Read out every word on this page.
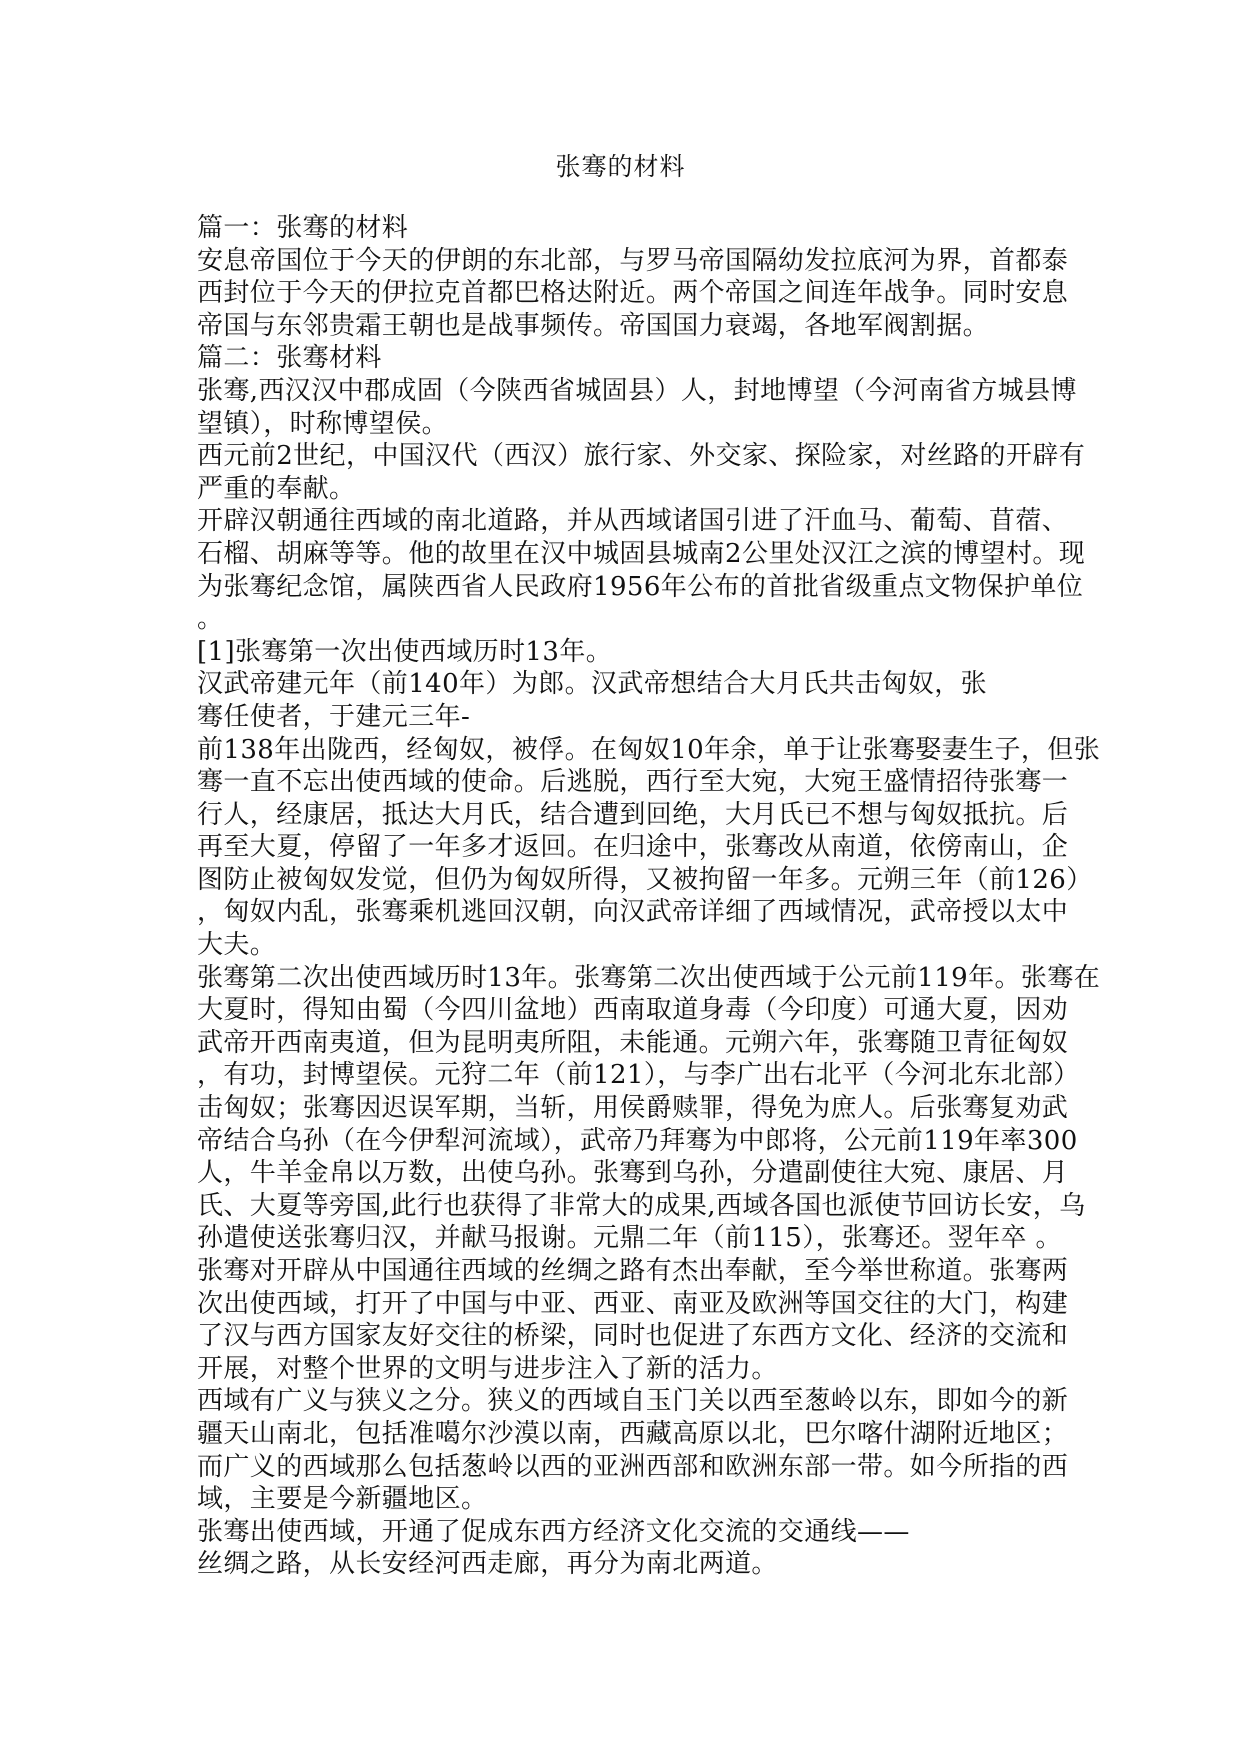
张骞的材料
篇一：张骞的材料
安息帝国位于今天的伊朗的东北部，与罗马帝国隔幼发拉底河为界，首都泰
西封位于今天的伊拉克首都巴格达附近。两个帝国之间连年战争。同时安息
帝国与东邻贵霜王朝也是战事频传。帝国国力衰竭，各地军阀割据。
篇二：张骞材料
张骞,西汉汉中郡成固（今陕西省城固县）人，封地博望（今河南省方城县博
望镇），时称博望侯。
西元前2世纪，中国汉代（西汉）旅行家、外交家、探险家，对丝路的开辟有
严重的奉献。
开辟汉朝通往西域的南北道路，并从西域诸国引进了汗血马、葡萄、苜蓿、
石榴、胡麻等等。他的故里在汉中城固县城南2公里处汉江之滨的博望村。现
为张骞纪念馆，属陕西省人民政府1956年公布的首批省级重点文物保护单位
。
[1]张骞第一次出使西域历时13年。
汉武帝建元年（前140年）为郎。汉武帝想结合大月氏共击匈奴，张
骞任使者，于建元三年-
前138年出陇西，经匈奴，被俘。在匈奴10年余，单于让张骞娶妻生子，但张
骞一直不忘出使西域的使命。后逃脱，西行至大宛，大宛王盛情招待张骞一
行人，经康居，抵达大月氏，结合遭到回绝，大月氏已不想与匈奴抵抗。后
再至大夏，停留了一年多才返回。在归途中，张骞改从南道，依傍南山，企
图防止被匈奴发觉，但仍为匈奴所得，又被拘留一年多。元朔三年（前126）
，匈奴内乱，张骞乘机逃回汉朝，向汉武帝详细了西域情况，武帝授以太中
大夫。
张骞第二次出使西域历时13年。张骞第二次出使西域于公元前119年。张骞在
大夏时，得知由蜀（今四川盆地）西南取道身毒（今印度）可通大夏，因劝
武帝开西南夷道，但为昆明夷所阻，未能通。元朔六年，张骞随卫青征匈奴
，有功，封博望侯。元狩二年（前121），与李广出右北平（今河北东北部）
击匈奴；张骞因迟误军期，当斩，用侯爵赎罪，得免为庶人。后张骞复劝武
帝结合乌孙（在今伊犁河流域），武帝乃拜骞为中郎将，公元前119年率300
人，牛羊金帛以万数，出使乌孙。张骞到乌孙，分遣副使往大宛、康居、月
氏、大夏等旁国,此行也获得了非常大的成果,西域各国也派使节回访长安，乌
孙遣使送张骞归汉，并献马报谢。元鼎二年（前115），张骞还。翌年卒 。
张骞对开辟从中国通往西域的丝绸之路有杰出奉献，至今举世称道。张骞两
次出使西域，打开了中国与中亚、西亚、南亚及欧洲等国交往的大门，构建
了汉与西方国家友好交往的桥梁，同时也促进了东西方文化、经济的交流和
开展，对整个世界的文明与进步注入了新的活力。
西域有广义与狭义之分。狭义的西域自玉门关以西至葱岭以东，即如今的新
疆天山南北，包括准噶尔沙漠以南，西藏高原以北，巴尔喀什湖附近地区；
而广义的西域那么包括葱岭以西的亚洲西部和欧洲东部一带。如今所指的西
域，主要是今新疆地区。
张骞出使西域，开通了促成东西方经济文化交流的交通线——
丝绸之路，从长安经河西走廊，再分为南北两道。
